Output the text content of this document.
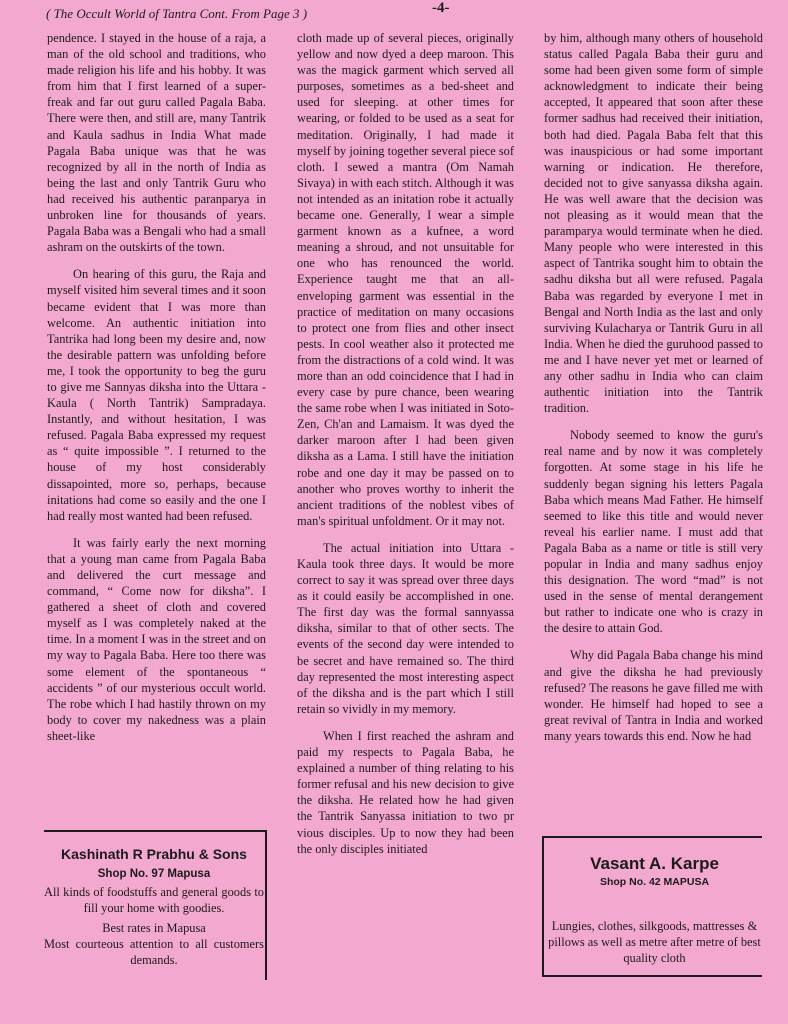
( The Occult World of Tantra Cont. From Page 3 )	-4-

pendence. I stayed in the house of a raja, a man of the old school and traditions, who made religion his life and his hobby. It was from him that I first learned of a super-freak and far out guru called Pagala Baba. There were then, and still are, many Tantrik and Kaula sadhus in India What made Pagala Baba unique was that he was recognized by all in the north of India as being the last and only Tantrik Guru who had received his authentic paranparya in unbroken line for thousands of years. Pagala Baba was a Bengali who had a small ashram on the outskirts of the town.

On hearing of this guru, the Raja and myself visited him several times and it soon became evident that I was more than welcome. An authentic initiation into Tantrika had long been my desire and, now the desirable pattern was unfolding before me, I took the opportunity to beg the guru to give me Sannyas diksha into the Uttara - Kaula ( North Tantrik) Sampradaya. Instantly, and without hesitation, I was refused. Pagala Baba expressed my request as “ quite impossible ”. I returned to the house of my host considerably dissapointed, more so, perhaps, because initations had come so easily and the one I had really most wanted had been refused.

It was fairly early the next morning that a young man came from Pagala Baba and delivered the curt message and command, “ Come now for diksha”. I gathered a sheet of cloth and covered myself as I was completely naked at the time. In a moment I was in the street and on my way to Pagala Baba. Here too there was some element of the spontaneous “ accidents ” of our mysterious occult world. The robe which I had hastily thrown on my body to cover my nakedness was a plain sheet-like

cloth made up of several pieces, originally yellow and now dyed a deep maroon. This was the magick garment which served all purposes, sometimes as a bed-sheet and used for sleeping. at other times for wearing, or folded to be used as a seat for meditation. Originally, I had made it myself by joining together several piece sof cloth. I sewed a mantra (Om Namah Sivaya) in with each stitch. Although it was not intended as an initation robe it actually became one. Generally, I wear a simple garment known as a kufnee, a word meaning a shroud, and not unsuitable for one who has renounced the world. Experience taught me that an all-enveloping garment was essential in the practice of meditation on many occasions to protect one from flies and other insect pests. In cool weather also it protected me from the distractions of a cold wind. It was more than an odd coincidence that I had in every case by pure chance, been wearing the same robe when I was initiated in Soto-Zen, Ch'an and Lamaism. It was dyed the darker maroon after I had been given diksha as a Lama. I still have the initiation robe and one day it may be passed on to another who proves worthy to inherit the ancient traditions of the noblest vibes of man's spiritual unfoldment. Or it may not.

The actual initiation into Uttara -Kaula took three days. It would be more correct to say it was spread over three days as it could easily be accomplished in one. The first day was the formal sannyassa diksha, similar to that of other sects. The events of the second day were intended to be secret and have remained so. The third day represented the most interesting aspect of the diksha and is the part which I still retain so vividly in my memory.

When I first reached the ashram and paid my respects to Pagala Baba, he explained a number of thing relating to his former refusal and his new decision to give the diksha. He related how he had given the Tantrik Sanyassa initiation to two pr vious disciples. Up to now they had been the only disciples initiated

by him, although many others of household status called Pagala Baba their guru and some had been given some form of simple acknowledgment to indicate their being accepted, It appeared that soon after these former sadhus had received their initiation, both had died. Pagala Baba felt that this was inauspicious or had some important warning or indication. He therefore, decided not to give sanyassa diksha again. He was well aware that the decision was not pleasing as it would mean that the paramparya would terminate when he died. Many people who were interested in this aspect of Tantrika sought him to obtain the sadhu diksha but all were refused. Pagala Baba was regarded by everyone I met in Bengal and North India as the last and only surviving Kulacharya or Tantrik Guru in all India. When he died the guruhood passed to me and I have never yet met or learned of any other sadhu in India who can claim authentic initiation into the Tantrik tradition.

Nobody seemed to know the guru's real name and by now it was completely forgotten. At some stage in his life he suddenly began signing his letters Pagala Baba which means Mad Father. He himself seemed to like this title and would never reveal his earlier name. I must add that Pagala Baba as a name or title is still very popular in India and many sadhus enjoy this designation. The word “mad” is not used in the sense of mental derangement but rather to indicate one who is crazy in the desire to attain God.

Why did Pagala Baba change his mind and give the diksha he had previously refused? The reasons he gave filled me with wonder. He himself had hoped to see a great revival of Tantra in India and worked many years towards this end. Now he had

Kashinath R Prabhu & Sons
Shop No. 97 Mapusa
All kinds of foodstuffs and general goods to fill your home with goodies.
Best rates in Mapusa
Most courteous attention to all customers demands.
Vasant A. Karpe
Shop No. 42 MAPUSA
Lungies, clothes, silkgoods, mattresses & pillows as well as metre after metre of best quality cloth
